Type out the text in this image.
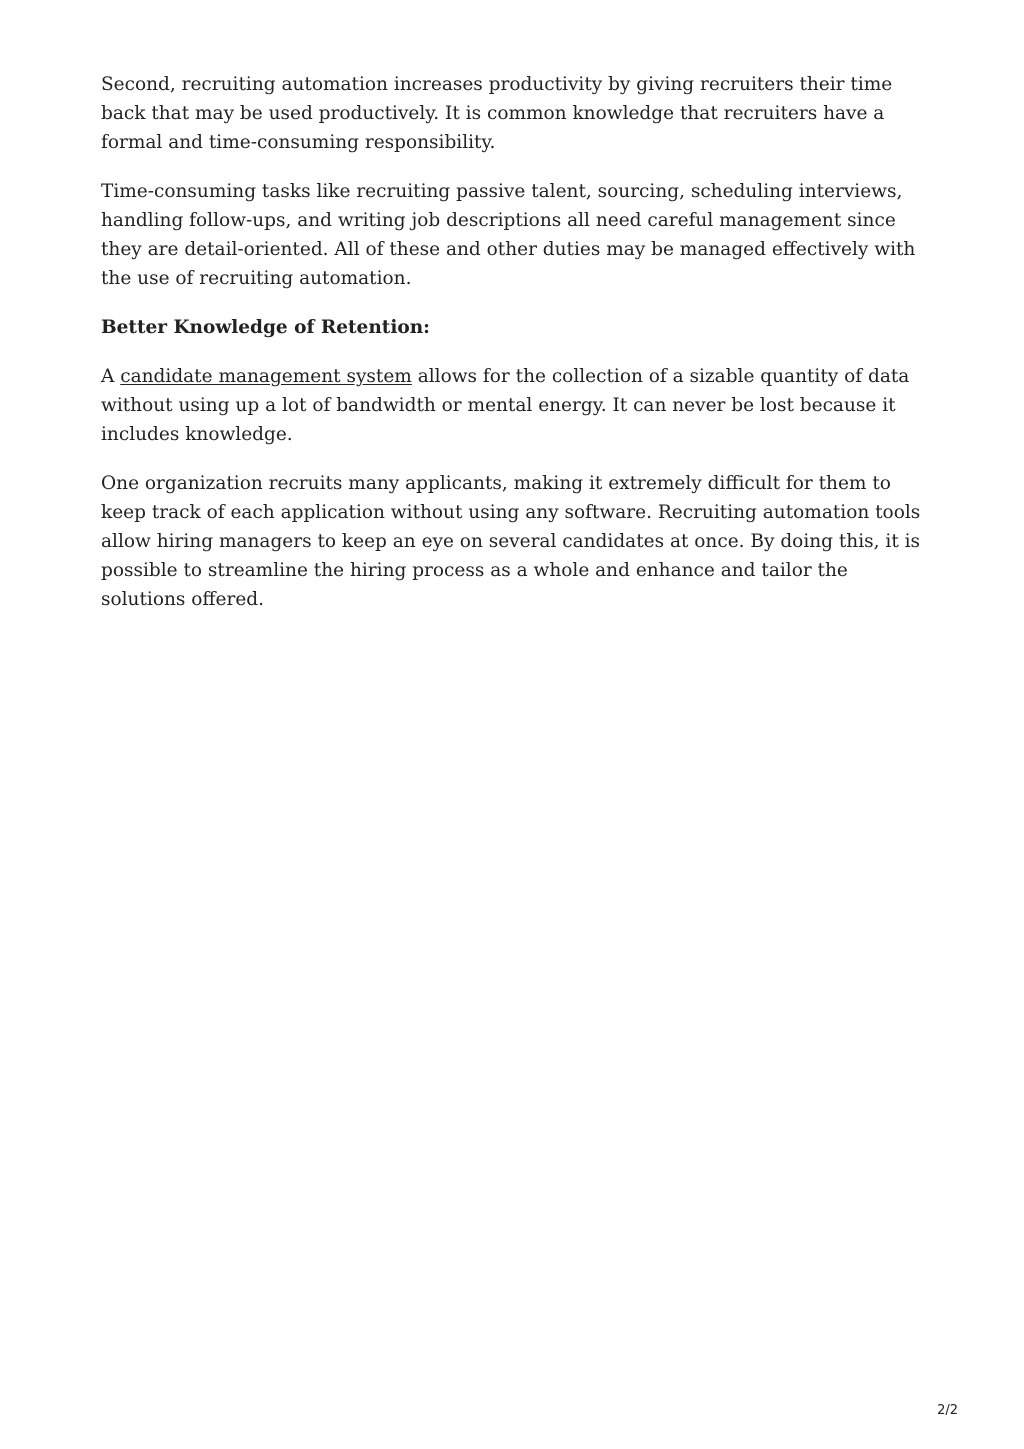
Second, recruiting automation increases productivity by giving recruiters their time back that may be used productively. It is common knowledge that recruiters have a formal and time-consuming responsibility.

Time-consuming tasks like recruiting passive talent, sourcing, scheduling interviews, handling follow-ups, and writing job descriptions all need careful management since they are detail-oriented. All of these and other duties may be managed effectively with the use of recruiting automation.

Better Knowledge of Retention:

A candidate management system allows for the collection of a sizable quantity of data without using up a lot of bandwidth or mental energy. It can never be lost because it includes knowledge.

One organization recruits many applicants, making it extremely difficult for them to keep track of each application without using any software. Recruiting automation tools allow hiring managers to keep an eye on several candidates at once. By doing this, it is possible to streamline the hiring process as a whole and enhance and tailor the solutions offered.

2/2
